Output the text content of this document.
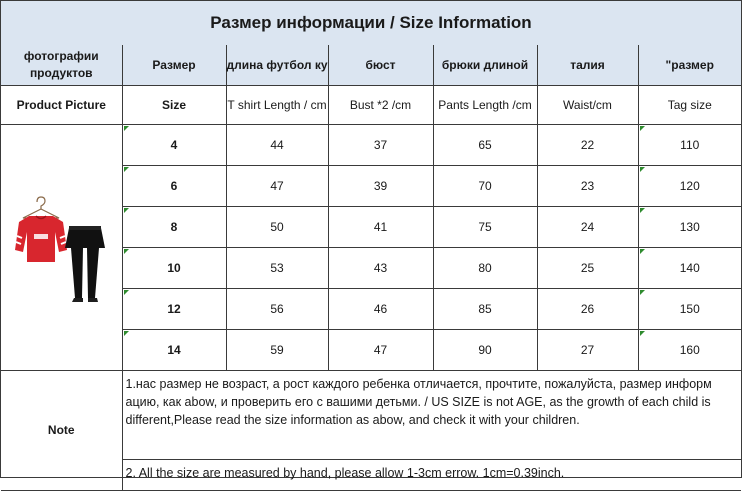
Размер информации / Size Information
фотографии продуктов	Размер	длина футбол ку	бюст	брюки длиной	талия	"размер
Product Picture	Size	T shirt Length / cm	Bust *2 /cm	Pants Length /cm	Waist/cm	Tag size

	4	44	37	65	22	110
	6	47	39	70	23	120
	8	50	41	75	24	130
	10	53	43	80	25	140
	12	56	46	85	26	150
	14	59	47	90	27	160
Note	1.нас размер не возраст, а рост каждого ребенка отличается, прочтите, пожалуйста, размер информ ацию, как abow, и проверить его с вашими детьми. / US SIZE is not AGE, as the growth of each child is different,Please read the size information as abow, and check it with your children.					
	2. All the size are measured by hand, please allow 1-3cm errow. 1cm=0.39inch.					
